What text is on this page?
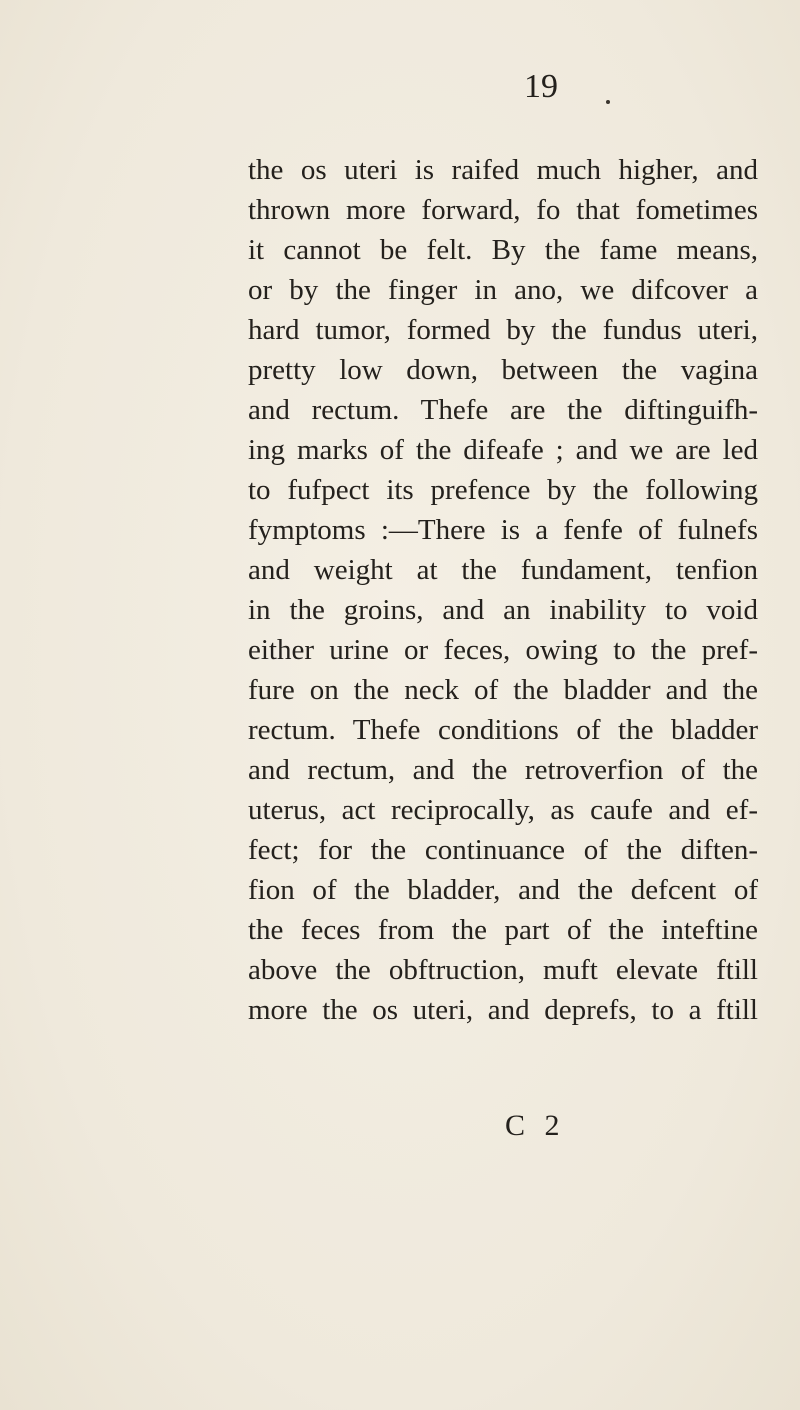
19
the os uteri is raifed much higher, and
thrown more forward, fo that fometimes
it cannot be felt. By the fame means,
or by the finger in ano, we difcover a
hard tumor, formed by the fundus uteri,
pretty low down, between the vagina
and rectum. Thefe are the diftinguifh-
ing marks of the difeafe ; and we are led
to fufpect its prefence by the following
fymptoms :—There is a fenfe of fulnefs
and weight at the fundament, tenfion
in the groins, and an inability to void
either urine or feces, owing to the pref-
fure on the neck of the bladder and the
rectum. Thefe conditions of the bladder
and rectum, and the retroverfion of the
uterus, act reciprocally, as caufe and ef-
fect; for the continuance of the diften-
fion of the bladder, and the defcent of
the feces from the part of the inteftine
above the obftruction, muft elevate ftill
more the os uteri, and deprefs, to a ftill
C 2
